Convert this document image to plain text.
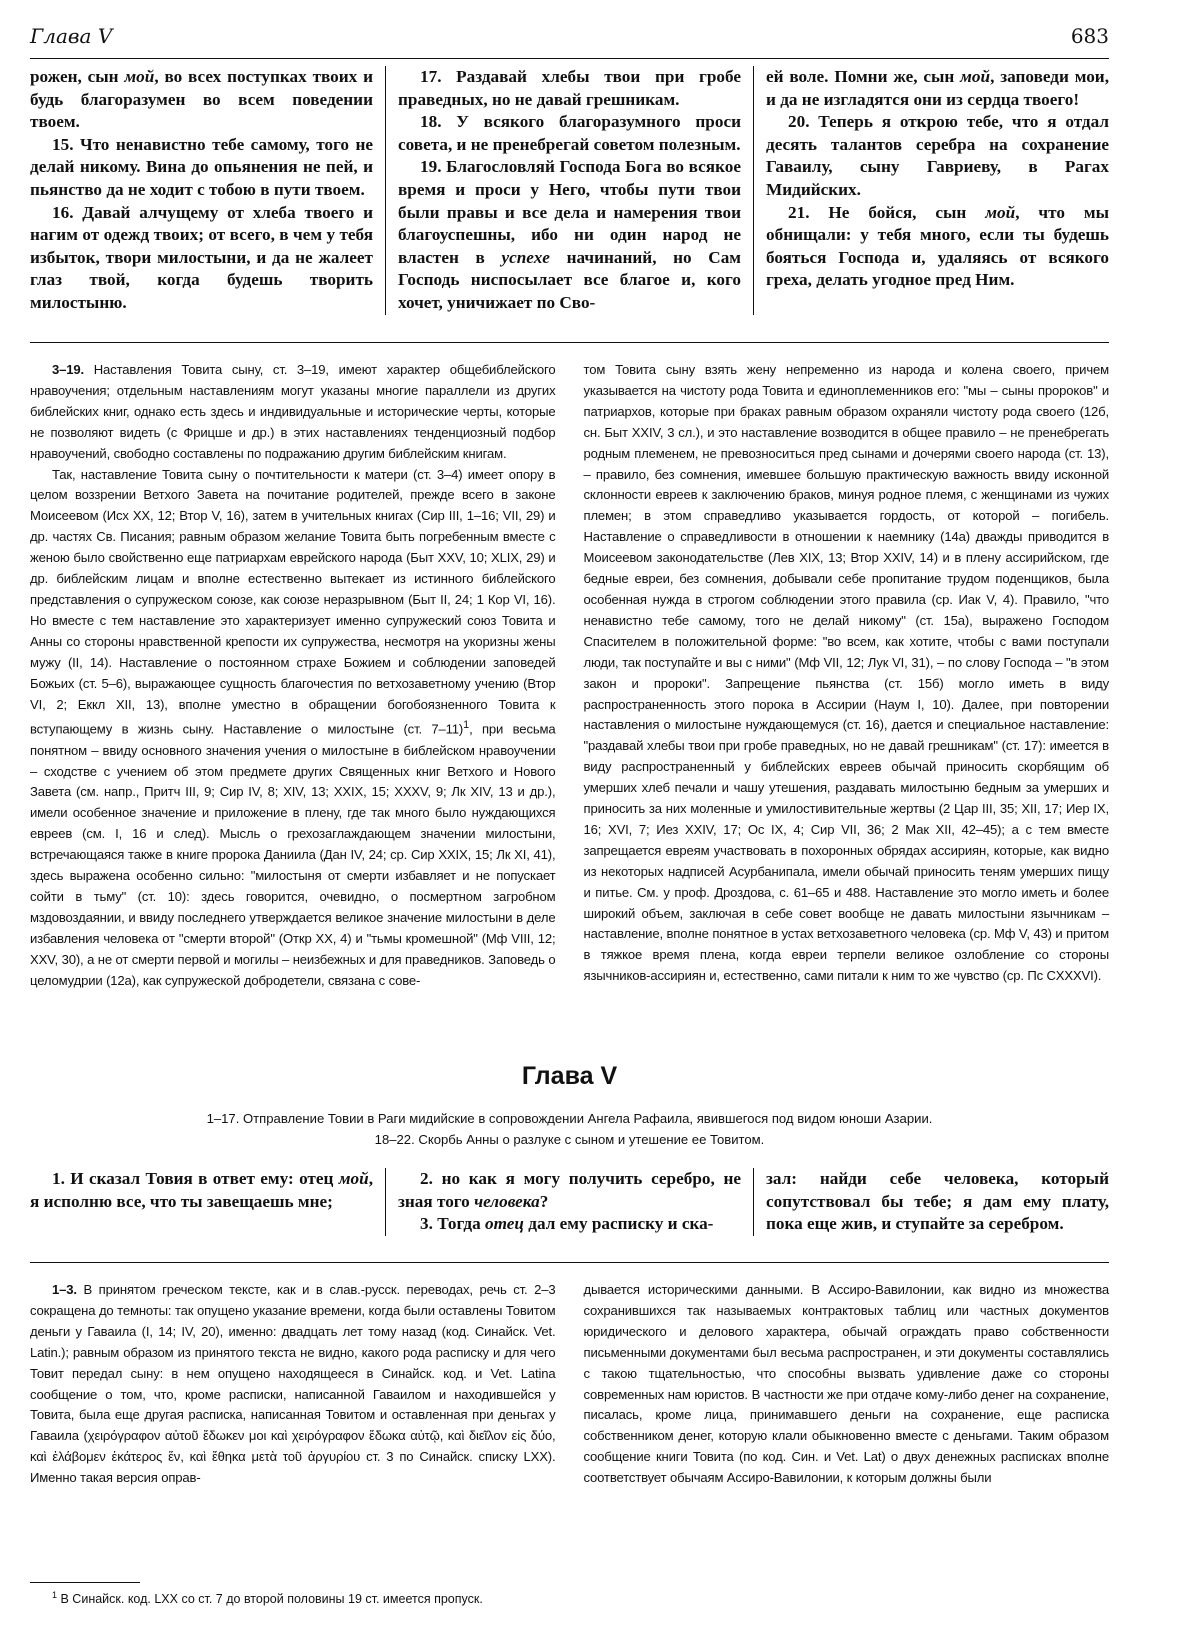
Глава V	683

рожен, сын мой, во всех поступках твоих и будь благоразумен во всем поведении твоем.

15. Что ненавистно тебе самому, того не делай никому. Вина до опьянения не пей, и пьянство да не ходит с тобою в пути твоем.

16. Давай алчущему от хлеба твоего и нагим от одежд твоих; от всего, в чем у тебя избыток, твори милостыни, и да не жалеет глаз твой, когда будешь творить милостыню.

17. Раздавай хлебы твои при гробе праведных, но не давай грешникам.

18. У всякого благоразумного проси совета, и не пренебрегай советом полезным.

19. Благословляй Господа Бога во всякое время и проси у Него, чтобы пути твои были правы и все дела и намерения твои благоуспешны, ибо ни один народ не властен в успехе начинаний, но Сам Господь ниспосылает все благое и, кого хочет, уничижает по Сво-

ей воле. Помни же, сын мой, заповеди мои, и да не изгладятся они из сердца твоего!

20. Теперь я открою тебе, что я отдал десять талантов серебра на сохранение Гаваилу, сыну Гавриеву, в Рагах Мидийских.

21. Не бойся, сын мой, что мы обнищали: у тебя много, если ты будешь бояться Господа и, удаляясь от всякого греха, делать угодное пред Ним.

3–19. Наставления Товита сыну, ст. 3–19, имеют характер общебиблейского нравоучения; отдельным наставлениям могут указаны многие параллели из других библейских книг, однако есть здесь и индивидуальные и исторические черты, которые не позволяют видеть (с Фрицше и др.) в этих наставлениях тенденциозный подбор нравоучений, свободно составлены по подражанию другим библейским книгам.

Так, наставление Товита сыну о почтительности к матери (ст. 3–4) имеет опору в целом воззрении Ветхого Завета на почитание родителей, прежде всего в законе Моисеевом (Исх XX, 12; Втор V, 16), затем в учительных книгах (Сир III, 1–16; VII, 29) и др. частях Св. Писания; равным образом желание Товита быть погребенным вместе с женою было свойственно еще патриархам еврейского народа (Быт XXV, 10; XLIX, 29) и др. библейским лицам и вполне естественно вытекает из истинного библейского представления о супружеском союзе, как союзе неразрывном (Быт II, 24; 1 Кор VI, 16). Но вместе с тем наставление это характеризует именно супружеский союз Товита и Анны со стороны нравственной крепости их супружества, несмотря на укоризны жены мужу (II, 14). Наставление о постоянном страхе Божием и соблюдении заповедей Божьих (ст. 5–6), выражающее сущность благочестия по ветхозаветному учению (Втор VI, 2; Еккл XII, 13), вполне уместно в обращении богобоязненного Товита к вступающему в жизнь сыну. Наставление о милостыне (ст. 7–11)$^1$, при весьма понятном – ввиду основного значения учения о милостыне в библейском нравоучении – сходстве с учением об этом предмете других Священных книг Ветхого и Нового Завета (см. напр., Притч III, 9; Сир IV, 8; XIV, 13; XXIX, 15; XXXV, 9; Лк XIV, 13 и др.), имели особенное значение и приложение в плену, где так много было нуждающихся евреев (см. I, 16 и след). Мысль о грехозаглаждающем значении милостыни, встречающаяся также в книге пророка Даниила (Дан IV, 24; ср. Сир XXIX, 15; Лк XI, 41), здесь выражена особенно сильно: "милостыня от смерти избавляет и не попускает сойти в тьму" (ст. 10): здесь говорится, очевидно, о посмертном загробном мздовоздаянии, и ввиду последнего утверждается великое значение милостыни в деле избавления человека от "смерти второй" (Откр XX, 4) и "тьмы кромешной" (Мф VIII, 12; XXV, 30), а не от смерти первой и могилы – неизбежных и для праведников. Заповедь о целомудрии (12а), как супружеской добродетели, связана с сове-

том Товита сыну взять жену непременно из народа и колена своего, причем указывается на чистоту рода Товита и единоплеменников его: "мы – сыны пророков" и патриархов, которые при браках равным образом охраняли чистоту рода своего (12б, сн. Быт XXIV, 3 сл.), и это наставление возводится в общее правило – не пренебрегать родным племенем, не превозноситься пред сынами и дочерями своего народа (ст. 13), – правило, без сомнения, имевшее большую практическую важность ввиду исконной склонности евреев к заключению браков, минуя родное племя, с женщинами из чужих племен; в этом справедливо указывается гордость, от которой – погибель. Наставление о справедливости в отношении к наемнику (14а) дважды приводится в Моисеевом законодательстве (Лев XIX, 13; Втор XXIV, 14) и в плену ассирийском, где бедные евреи, без сомнения, добывали себе пропитание трудом поденщиков, была особенная нужда в строгом соблюдении этого правила (ср. Иак V, 4). Правило, "что ненавистно тебе самому, того не делай никому" (ст. 15а), выражено Господом Спасителем в положительной форме: "во всем, как хотите, чтобы с вами поступали люди, так поступайте и вы с ними" (Мф VII, 12; Лук VI, 31), – по слову Господа – "в этом закон и пророки". Запрещение пьянства (ст. 15б) могло иметь в виду распространенность этого порока в Ассирии (Наум I, 10). Далее, при повторении наставления о милостыне нуждающемуся (ст. 16), дается и специальное наставление: "раздавай хлебы твои при гробе праведных, но не давай грешникам" (ст. 17): имеется в виду распространенный у библейских евреев обычай приносить скорбящим об умерших хлеб печали и чашу утешения, раздавать милостыню бедным за умерших и приносить за них моленные и умилостивительные жертвы (2 Цар III, 35; XII, 17; Иер IX, 16; XVI, 7; Иез XXIV, 17; Ос IX, 4; Сир VII, 36; 2 Мак XII, 42–45); а с тем вместе запрещается евреям участвовать в похоронных обрядах ассириян, которые, как видно из некоторых надписей Асурбанипала, имели обычай приносить теням умерших пищу и питье. См. у проф. Дроздова, с. 61–65 и 488. Наставление это могло иметь и более широкий объем, заключая в себе совет вообще не давать милостыни язычникам – наставление, вполне понятное в устах ветхозаветного человека (ср. Мф V, 43) и притом в тяжкое время плена, когда евреи терпели великое озлобление со стороны язычников-ассириян и, естественно, сами питали к ним то же чувство (ср. Пс CXXXVI).

Глава V
1–17. Отправление Товии в Раги мидийские в сопровождении Ангела Рафаила, явившегося под видом юноши Азарии.
18–22. Скорбь Анны о разлуке с сыном и утешение ее Товитом.

1. И сказал Товия в ответ ему: отец мой, я исполню все, что ты завещаешь мне;

2. но как я могу получить серебро, не зная того человека?

3. Тогда отец дал ему расписку и ска-

зал: найди себе человека, который сопутствовал бы тебе; я дам ему плату, пока еще жив, и ступайте за серебром.

1–3. В принятом греческом тексте, как и в слав.-русск. переводах, речь ст. 2–3 сокращена до темноты: так опущено указание времени, когда были оставлены Товитом деньги у Гаваила (I, 14; IV, 20), именно: двадцать лет тому назад (код. Синайск. Vet. Latin.); равным образом из принятого текста не видно, какого рода расписку и для чего Товит передал сыну: в нем опущено находящееся в Синайск. код. и Vet. Latina сообщение о том, что, кроме расписки, написанной Гаваилом и находившейся у Товита, была еще другая расписка, написанная Товитом и оставленная при деньгах у Гаваила (χειρόγραφον αὐτοῦ ἔδωκεν μοι καὶ χειρόγραφον ἔδωκα αὐτῷ, καὶ διεῖλον εἰς δύο, καὶ ἐλάβομεν ἑκάτερος ἕν, καὶ ἔθηκα μετὰ τοῦ ἀργυρίου ст. 3 по Синайск. списку LXX). Именно такая версия оправ-

дывается историческими данными. В Ассиро-Вавилонии, как видно из множества сохранившихся так называемых контрактовых таблиц или частных документов юридического и делового характера, обычай ограждать право собственности письменными документами был весьма распространен, и эти документы составлялись с такою тщательностью, что способны вызвать удивление даже со стороны современных нам юристов. В частности же при отдаче кому-либо денег на сохранение, писалась, кроме лица, принимавшего деньги на сохранение, еще расписка собственником денег, которую клали обыкновенно вместе с деньгами. Таким образом сообщение книги Товита (по код. Син. и Vet. Lat) о двух денежных расписках вполне соответствует обычаям Ассиро-Вавилонии, к которым должны были

$^1$ В Синайск. код. LXX со ст. 7 до второй половины 19 ст. имеется пропуск.
